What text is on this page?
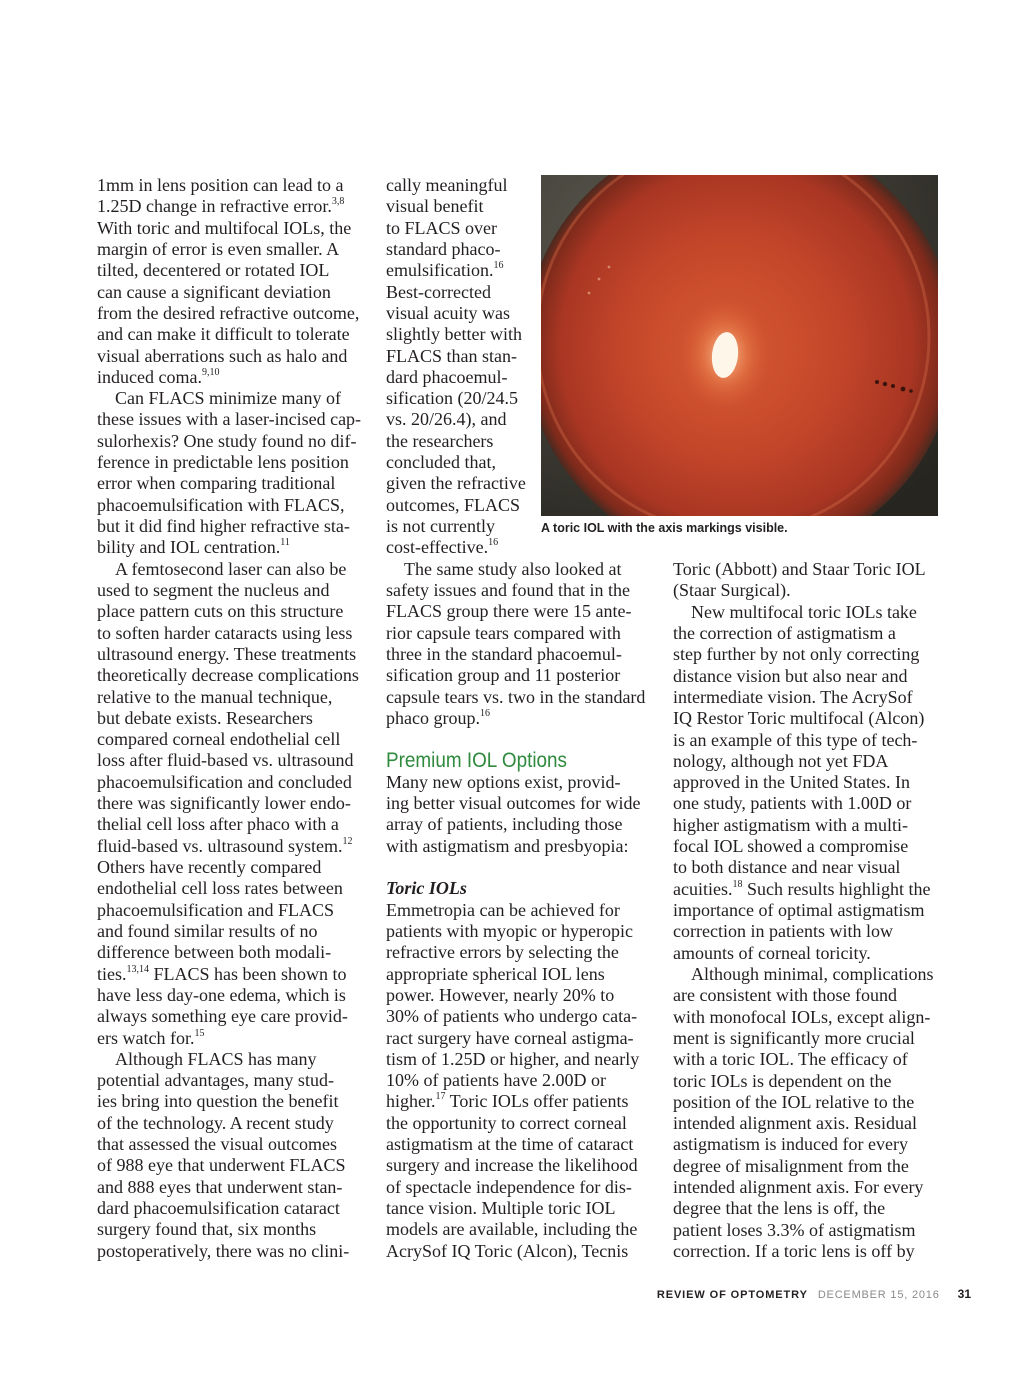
1mm in lens position can lead to a
1.25D change in refractive error.$^{3,8}$
With toric and multifocal IOLs, the
margin of error is even smaller. A
tilted, decentered or rotated IOL
can cause a significant deviation
from the desired refractive outcome,
and can make it difficult to tolerate
visual aberrations such as halo and
induced coma.$^{9,10}$
Can FLACS minimize many of
these issues with a laser-incised cap-
sulorhexis? One study found no dif-
ference in predictable lens position
error when comparing traditional
phacoemulsification with FLACS,
but it did find higher refractive sta-
bility and IOL centration.$^{11}$
A femtosecond laser can also be
used to segment the nucleus and
place pattern cuts on this structure
to soften harder cataracts using less
ultrasound energy. These treatments
theoretically decrease complications
relative to the manual technique,
but debate exists. Researchers
compared corneal endothelial cell
loss after fluid-based vs. ultrasound
phacoemulsification and concluded
there was significantly lower endo-
thelial cell loss after phaco with a
fluid-based vs. ultrasound system.$^{12}$
Others have recently compared
endothelial cell loss rates between
phacoemulsification and FLACS
and found similar results of no
difference between both modali-
ties.$^{13,14}$ FLACS has been shown to
have less day-one edema, which is
always something eye care provid-
ers watch for.$^{15}$
Although FLACS has many
potential advantages, many stud-
ies bring into question the benefit
of the technology. A recent study
that assessed the visual outcomes
of 988 eye that underwent FLACS
and 888 eyes that underwent stan-
dard phacoemulsification cataract
surgery found that, six months
postoperatively, there was no clini-
cally meaningful
visual benefit
to FLACS over
standard phaco-
emulsification.$^{16}$
Best-corrected
visual acuity was
slightly better with
FLACS than stan-
dard phacoemul-
sification (20/24.5
vs. 20/26.4), and
the researchers
concluded that,
given the refractive
outcomes, FLACS
is not currently
cost-effective.$^{16}$
The same study also looked at
safety issues and found that in the
FLACS group there were 15 ante-
rior capsule tears compared with
three in the standard phacoemul-
sification group and 11 posterior
capsule tears vs. two in the standard
phaco group.$^{16}$
Premium IOL Options
Many new options exist, provid-
ing better visual outcomes for wide
array of patients, including those
with astigmatism and presbyopia:
Toric IOLs
Emmetropia can be achieved for
patients with myopic or hyperopic
refractive errors by selecting the
appropriate spherical IOL lens
power. However, nearly 20% to
30% of patients who undergo cata-
ract surgery have corneal astigma-
tism of 1.25D or higher, and nearly
10% of patients have 2.00D or
higher.$^{17}$ Toric IOLs offer patients
the opportunity to correct corneal
astigmatism at the time of cataract
surgery and increase the likelihood
of spectacle independence for dis-
tance vision. Multiple toric IOL
models are available, including the
AcrySof IQ Toric (Alcon), Tecnis
Toric (Abbott) and Staar Toric IOL
(Staar Surgical).
New multifocal toric IOLs take
the correction of astigmatism a
step further by not only correcting
distance vision but also near and
intermediate vision. The AcrySof
IQ Restor Toric multifocal (Alcon)
is an example of this type of tech-
nology, although not yet FDA
approved in the United States. In
one study, patients with 1.00D or
higher astigmatism with a multi-
focal IOL showed a compromise
to both distance and near visual
acuities.$^{18}$ Such results highlight the
importance of optimal astigmatism
correction in patients with low
amounts of corneal toricity.
Although minimal, complications
are consistent with those found
with monofocal IOLs, except align-
ment is significantly more crucial
with a toric IOL. The efficacy of
toric IOLs is dependent on the
position of the IOL relative to the
intended alignment axis. Residual
astigmatism is induced for every
degree of misalignment from the
intended alignment axis. For every
degree that the lens is off, the
patient loses 3.3% of astigmatism
correction. If a toric lens is off by
A toric IOL with the axis markings visible.
REVIEW OF OPTOMETRY DECEMBER 15, 2016 31
